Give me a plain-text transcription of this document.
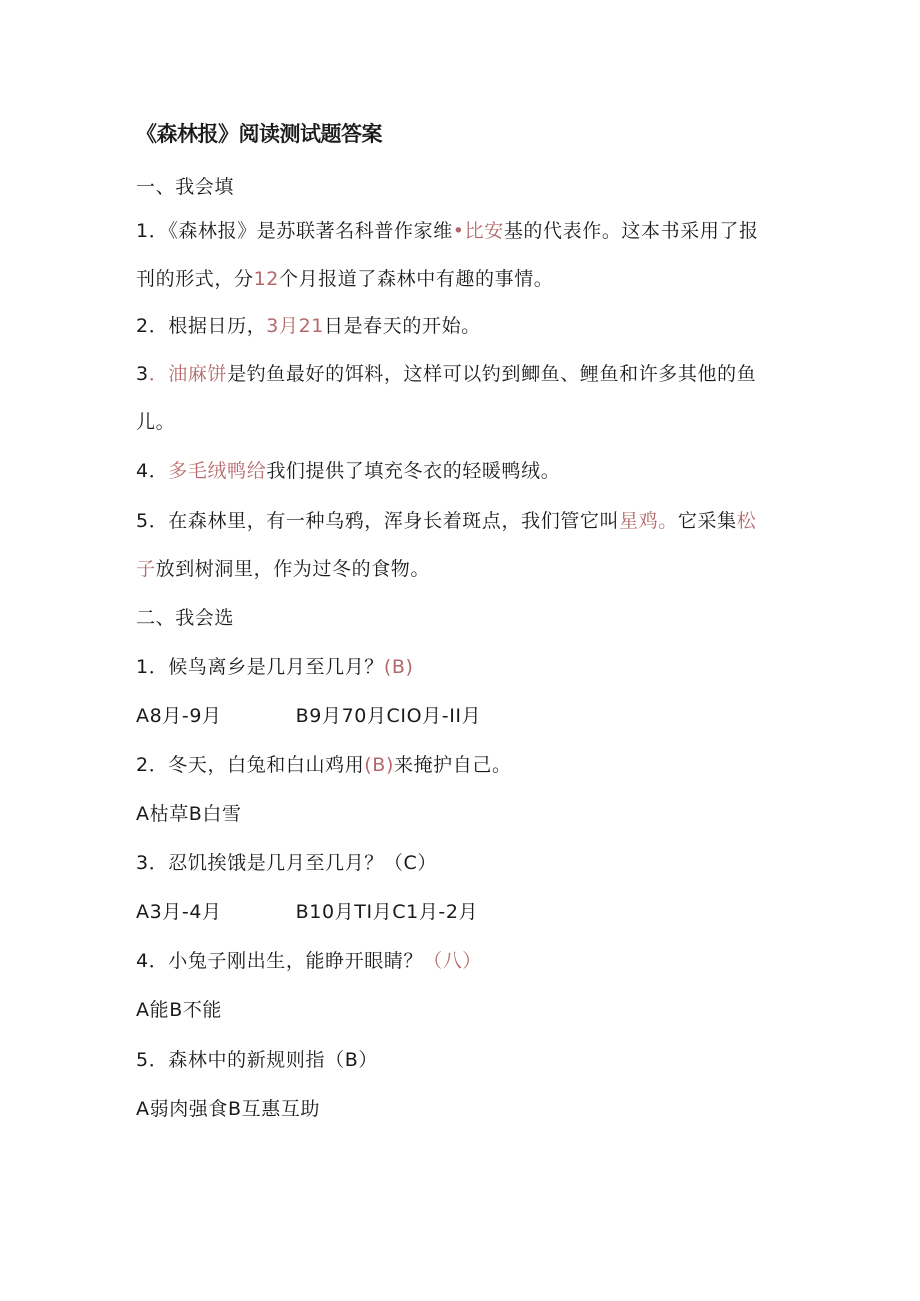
《森林报》阅读测试题答案
一、我会填
1．《森林报》是苏联著名科普作家维•比安基的代表作。这本书采用了报
刊的形式，分12个月报道了森林中有趣的事情。
2．根据日历，3月21日是春天的开始。
3．油麻饼是钓鱼最好的饵料，这样可以钓到鲫鱼、鲤鱼和许多其他的鱼
儿。
4．多毛绒鸭给我们提供了填充冬衣的轻暖鸭绒。
5．在森林里，有一种乌鸦，浑身长着斑点，我们管它叫星鸡。它采集松
子放到树洞里，作为过冬的食物。
二、我会选
1．候鸟离乡是几月至几月？(B)
A8月-9月	B9月70月CIO月-II月
2．冬天，白兔和白山鸡用(B)来掩护自己。
A枯草B白雪
3．忍饥挨饿是几月至几月？（C）
A3月-4月	B10月TI月C1月-2月
4．小兔子刚出生，能睁开眼睛？（八）
A能B不能
5．森林中的新规则指（B）
A弱肉强食B互惠互助
